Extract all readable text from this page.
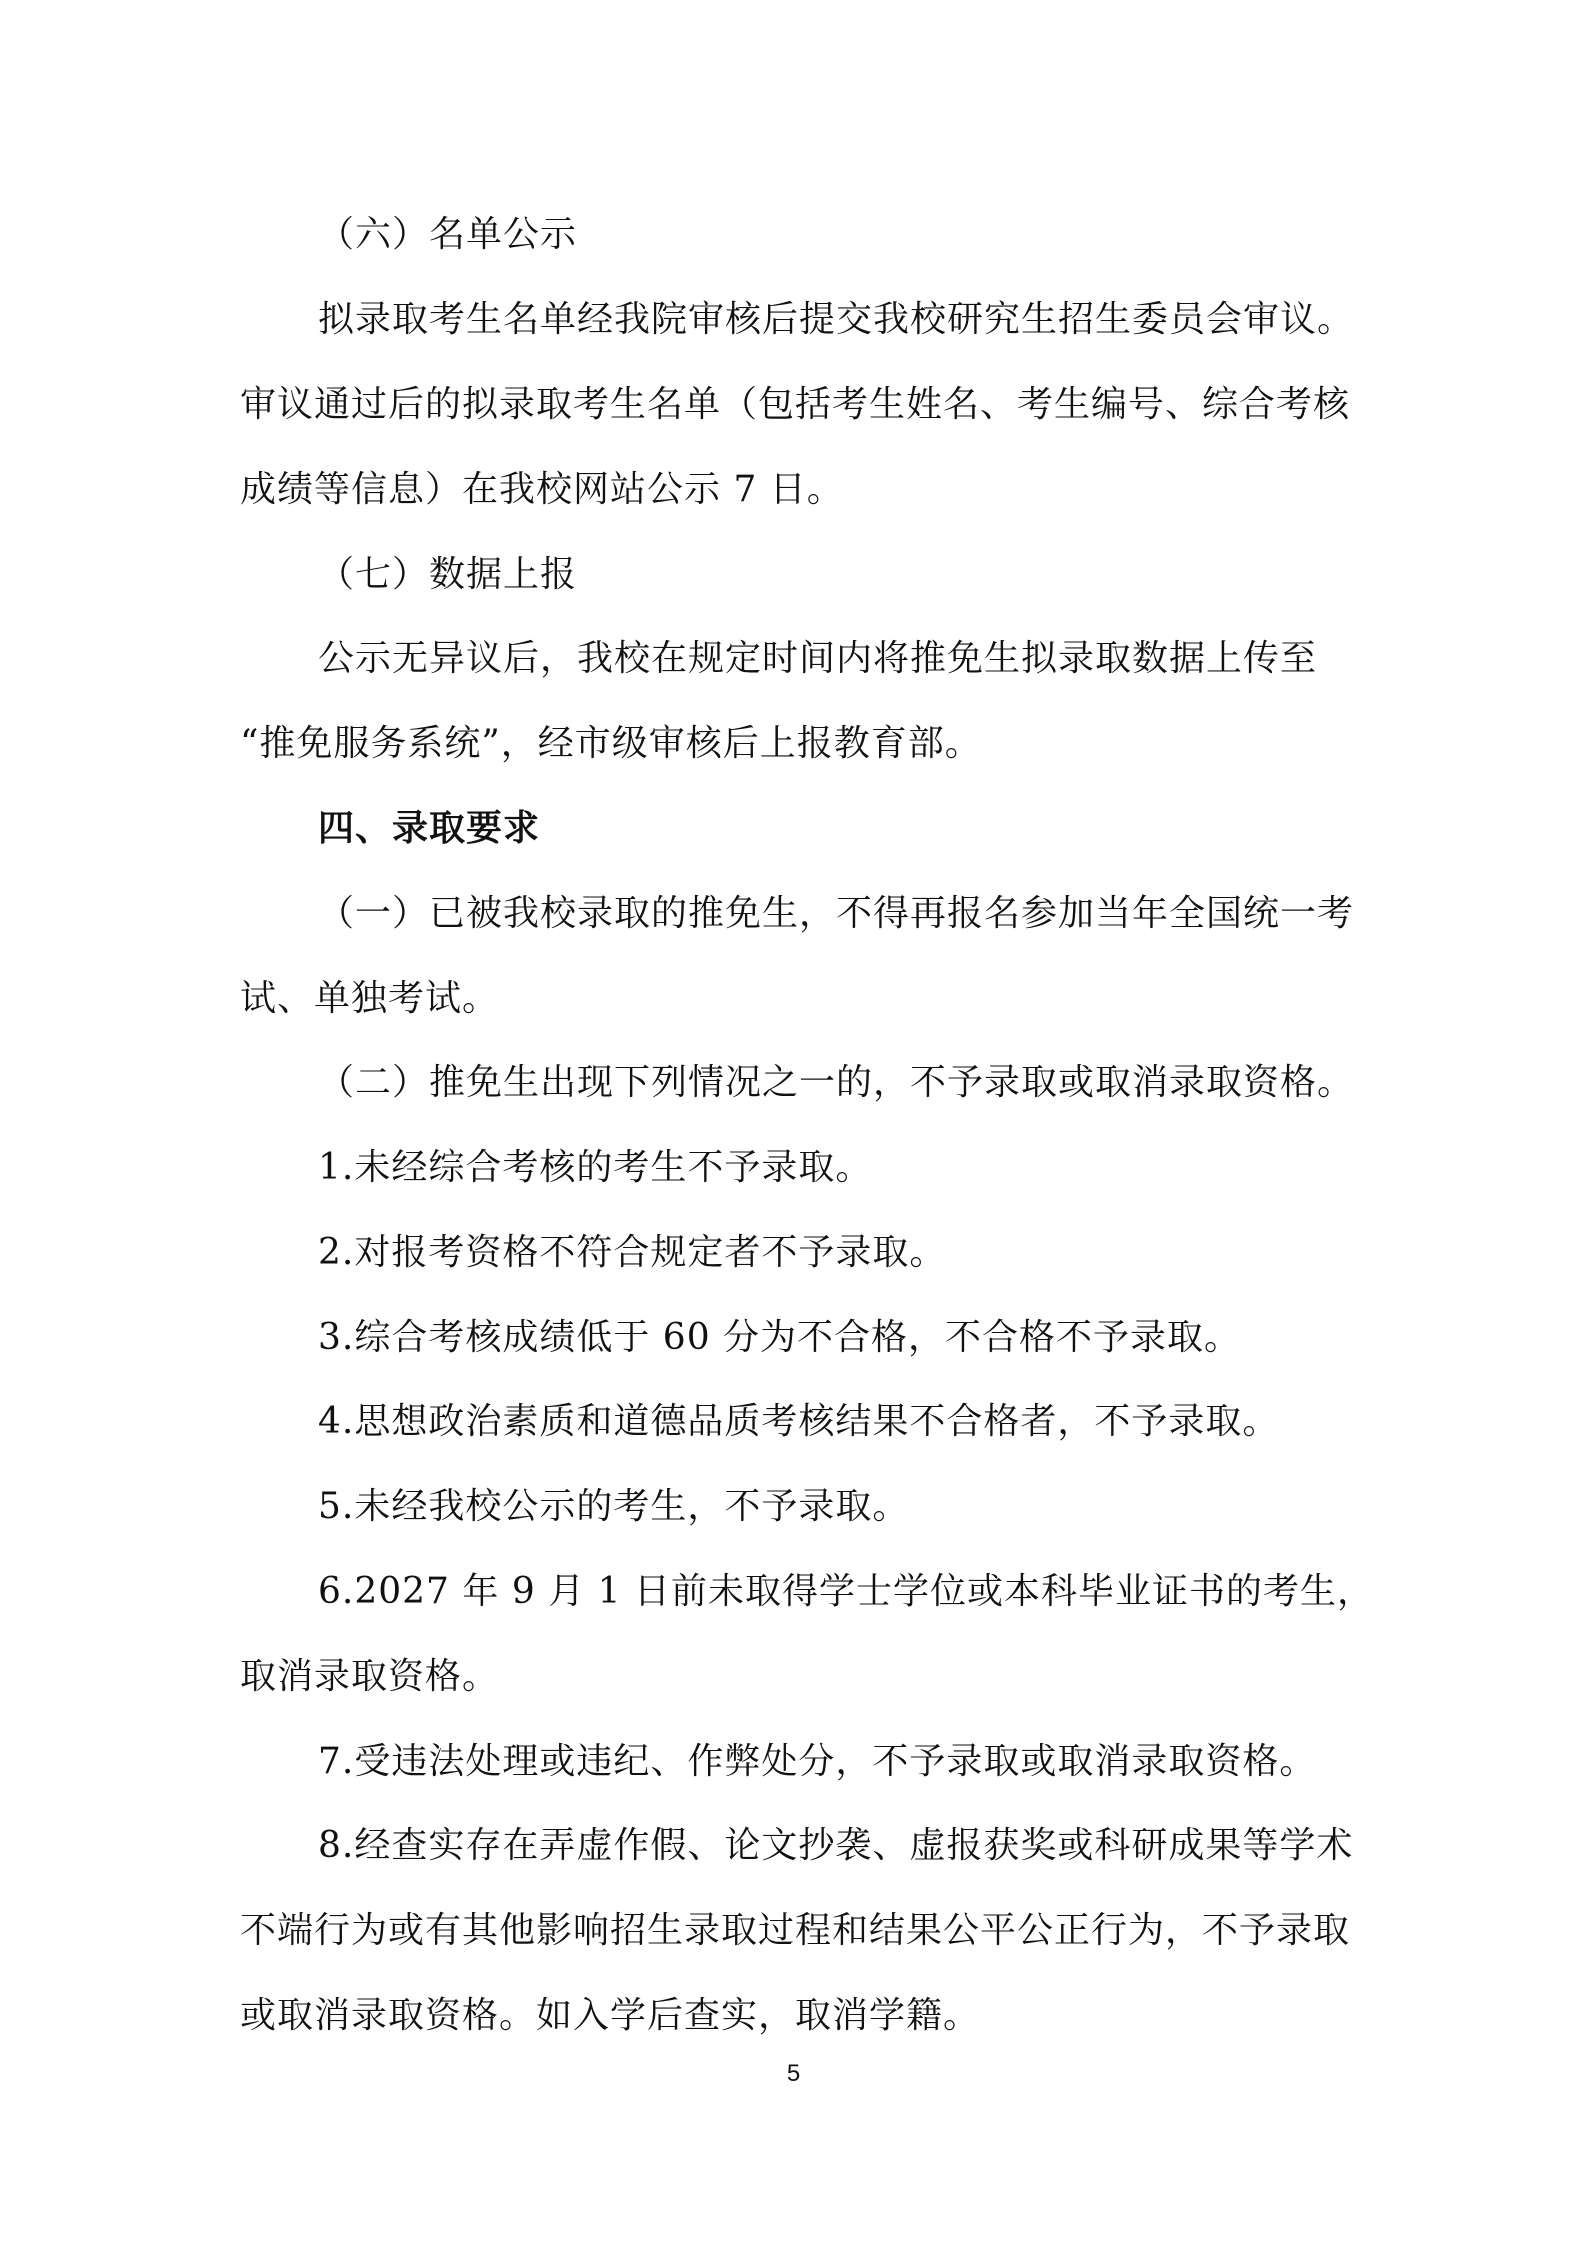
（六）名单公示
拟录取考生名单经我院审核后提交我校研究生招生委员会审议。
审议通过后的拟录取考生名单（包括考生姓名、考生编号、综合考核
成绩等信息）在我校网站公示 7 日。
（七）数据上报
公示无异议后，我校在规定时间内将推免生拟录取数据上传至
“推免服务系统”，经市级审核后上报教育部。
四、录取要求
（一）已被我校录取的推免生，不得再报名参加当年全国统一考
试、单独考试。
（二）推免生出现下列情况之一的，不予录取或取消录取资格。
1.未经综合考核的考生不予录取。
2.对报考资格不符合规定者不予录取。
3.综合考核成绩低于 60 分为不合格，不合格不予录取。
4.思想政治素质和道德品质考核结果不合格者，不予录取。
5.未经我校公示的考生，不予录取。
6.2027 年 9 月 1 日前未取得学士学位或本科毕业证书的考生，
取消录取资格。
7.受违法处理或违纪、作弊处分，不予录取或取消录取资格。
8.经查实存在弄虚作假、论文抄袭、虚报获奖或科研成果等学术
不端行为或有其他影响招生录取过程和结果公平公正行为，不予录取
或取消录取资格。如入学后查实，取消学籍。
5
